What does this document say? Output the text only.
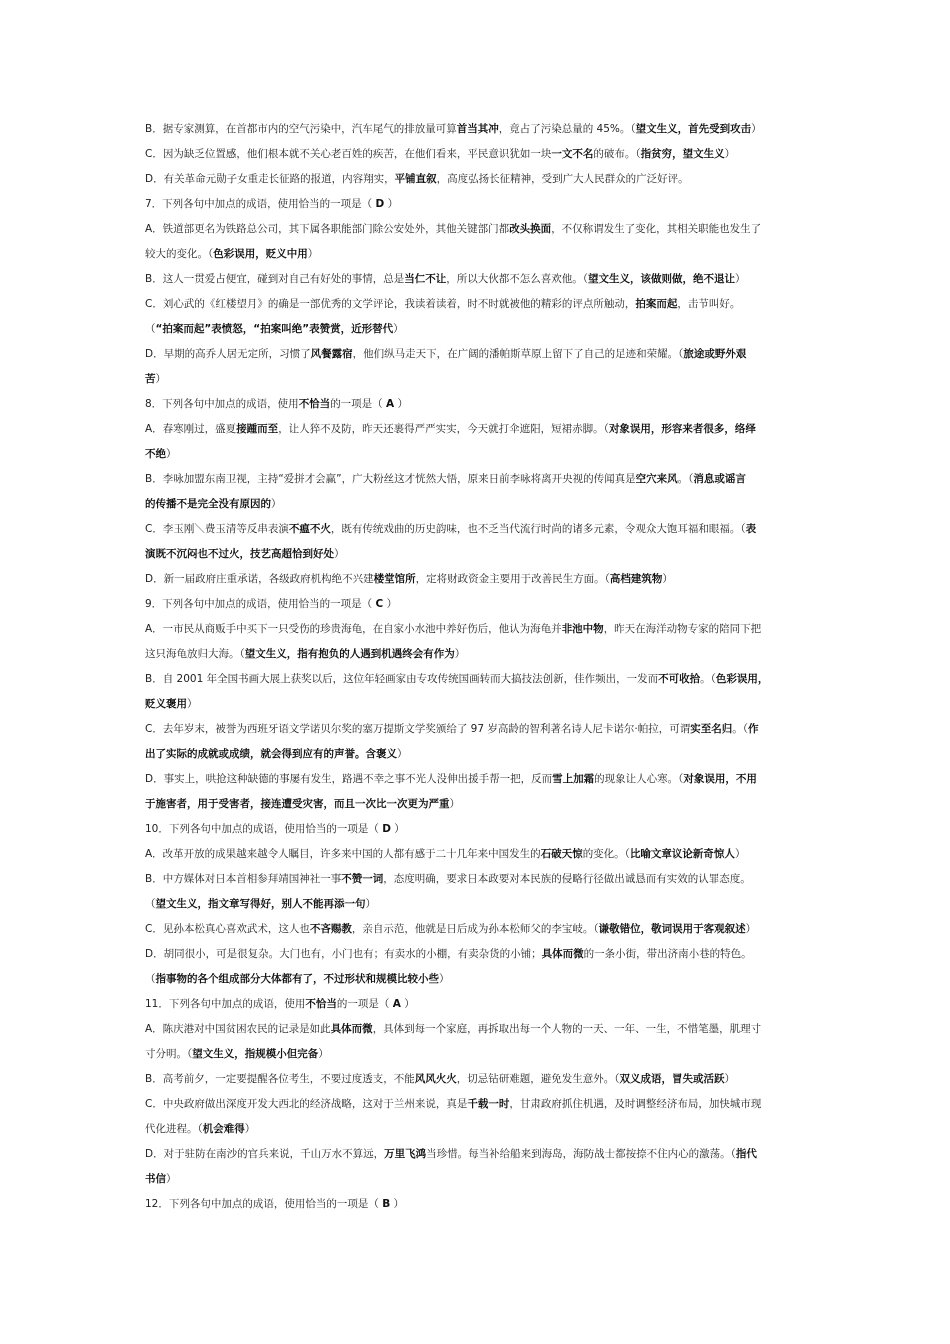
B．据专家测算，在首都市内的空气污染中，汽车尾气的排放量可算首当其冲，竟占了污染总量的 45%。（望文生义，首先受到攻击）
C．因为缺乏位置感，他们根本就不关心老百姓的疾苦，在他们看来，平民意识犹如一块一文不名的破布。（指贫穷，望文生义）
D．有关革命元勋子女重走长征路的报道，内容翔实，平铺直叙，高度弘扬长征精神，受到广大人民群众的广泛好评。
7．下列各句中加点的成语，使用恰当的一项是（ D ）
A．铁道部更名为铁路总公司，其下属各职能部门除公安处外，其他关键部门都改头换面，不仅称谓发生了变化，其相关职能也发生了
较大的变化。（色彩误用，贬义中用）
B．这人一贯爱占便宜，碰到对自己有好处的事情，总是当仁不让，所以大伙都不怎么喜欢他。（望文生义，该做则做，绝不退让）
C．刘心武的《红楼望月》的确是一部优秀的文学评论，我读着读着，时不时就被他的精彩的评点所触动，拍案而起，击节叫好。
（“拍案而起”表愤怒，“拍案叫绝”表赞赏，近形替代）
D．早期的高乔人居无定所，习惯了风餐露宿，他们纵马走天下，在广阔的潘帕斯草原上留下了自己的足迹和荣耀。（旅途或野外艰
苦）
8．下列各句中加点的成语，使用不恰当的一项是（ A ）
A．春寒刚过，盛夏接踵而至，让人猝不及防，昨天还裹得严严实实，今天就打伞遮阳，短裙赤脚。（对象误用，形容来者很多，络绎
不绝）
B．李咏加盟东南卫视，主持“爱拼才会赢”，广大粉丝这才恍然大悟，原来日前李咏将离开央视的传闻真是空穴来风。（消息或谣言
的传播不是完全没有原因的）
C．李玉刚＼费玉清等反串表演不瘟不火，既有传统戏曲的历史韵味，也不乏当代流行时尚的诸多元素，令观众大饱耳福和眼福。（表
演既不沉闷也不过火，技艺高超恰到好处）
D．新一届政府庄重承诺，各级政府机构绝不兴建楼堂馆所，定将财政资金主要用于改善民生方面。（高档建筑物）
9．下列各句中加点的成语，使用恰当的一项是（ C ）
A．一市民从商贩手中买下一只受伤的珍贵海龟，在自家小水池中养好伤后，他认为海龟并非池中物，昨天在海洋动物专家的陪同下把
这只海龟放归大海。（望文生义，指有抱负的人遇到机遇终会有作为）
B．自 2001 年全国书画大展上获奖以后，这位年轻画家由专攻传统国画转而大搞技法创新，佳作频出，一发而不可收拾。（色彩误用，
贬义褒用）
C．去年岁末，被誉为西班牙语文学诺贝尔奖的塞万提斯文学奖颁给了 97 岁高龄的智利著名诗人尼卡诺尔·帕拉，可谓实至名归。（作
出了实际的成就或成绩，就会得到应有的声誉。含褒义）
D．事实上，哄抢这种缺德的事屡有发生，路遇不幸之事不光人没伸出援手帮一把，反而雪上加霜的现象让人心寒。（对象误用，不用
于施害者，用于受害者，接连遭受灾害，而且一次比一次更为严重）
10．下列各句中加点的成语，使用恰当的一项是（ D ）
A．改革开放的成果越来越令人瞩目，许多来中国的人都有感于二十几年来中国发生的石破天惊的变化。（比喻文章议论新奇惊人）
B．中方媒体对日本首相参拜靖国神社一事不赞一词，态度明确，要求日本政要对本民族的侵略行径做出诚恳而有实效的认罪态度。
（望文生义，指文章写得好，别人不能再添一句）
C．见孙本松真心喜欢武术，这人也不吝赐教，亲自示范，他就是日后成为孙本松师父的李宝岐。（谦敬错位，敬词误用于客观叙述）
D．胡同很小，可是很复杂。大门也有，小门也有；有卖水的小棚，有卖杂货的小铺；具体而微的一条小街，带出济南小巷的特色。
（指事物的各个组成部分大体都有了，不过形状和规模比较小些）
11．下列各句中加点的成语，使用不恰当的一项是（ A ）
A．陈庆港对中国贫困农民的记录是如此具体而微，具体到每一个家庭，再拆取出每一个人物的一天、一年、一生，不惜笔墨，肌理寸
寸分明。（望文生义，指规模小但完备）
B．高考前夕，一定要提醒各位考生，不要过度透支，不能风风火火，切忌钻研难题，避免发生意外。（双义成语，冒失或活跃）
C．中央政府做出深度开发大西北的经济战略，这对于兰州来说，真是千载一时，甘肃政府抓住机遇，及时调整经济布局，加快城市现
代化进程。（机会难得）
D．对于驻防在南沙的官兵来说，千山万水不算远，万里飞鸿当珍惜。每当补给船来到海岛，海防战士都按捺不住内心的激荡。（指代
书信）
12．下列各句中加点的成语，使用恰当的一项是（ B ）
